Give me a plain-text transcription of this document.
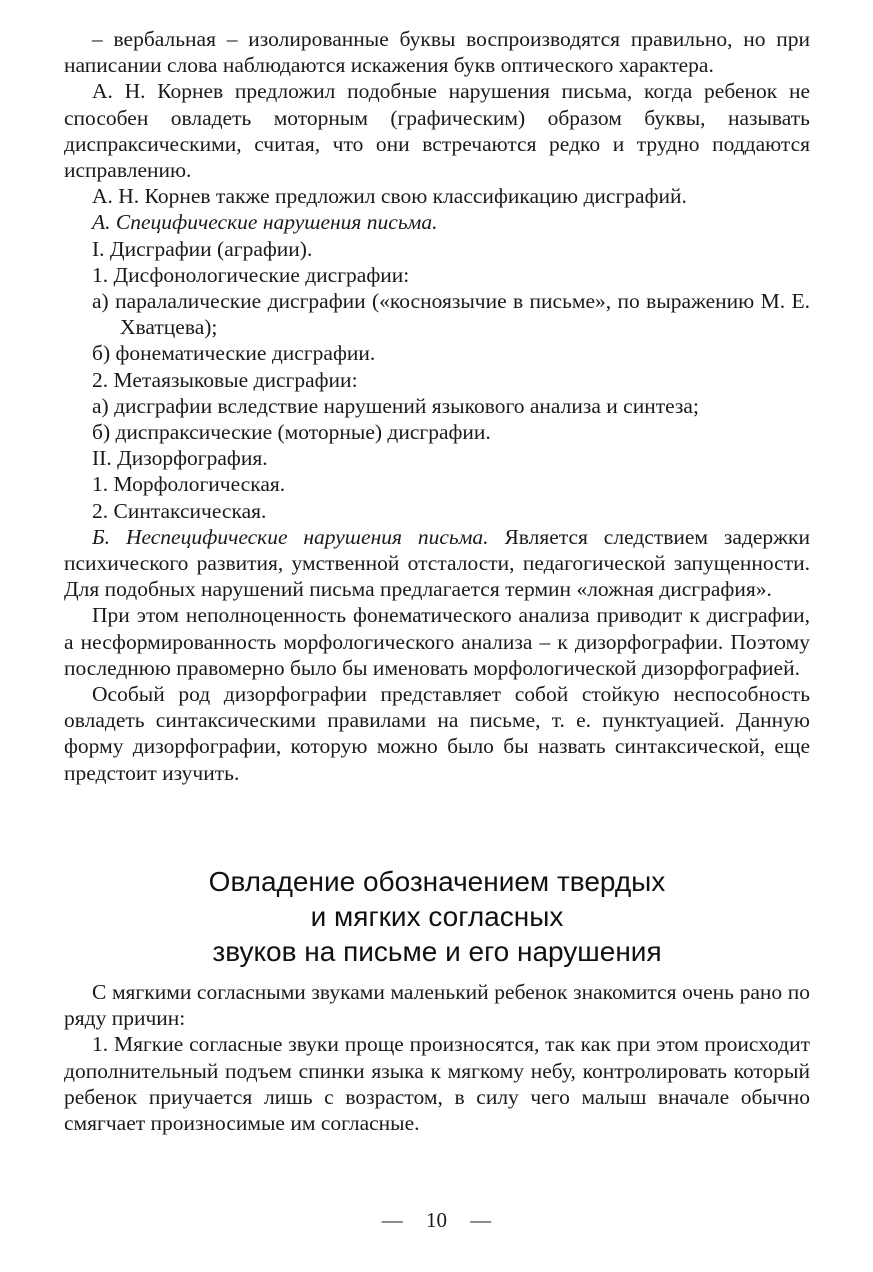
– вербальная – изолированные буквы воспроизводятся правильно, но при написании слова наблюдаются искажения букв оптического характера.

А. Н. Корнев предложил подобные нарушения письма, когда ребенок не способен овладеть моторным (графическим) образом буквы, называть диспраксическими, считая, что они встречаются редко и трудно поддаются исправлению.

А. Н. Корнев также предложил свою классификацию дисграфий.

А. Специфические нарушения письма.

I. Дисграфии (аграфии).

1. Дисфонологические дисграфии:

а) паралалические дисграфии («косноязычие в письме», по выражению М. Е. Хватцева);

б) фонематические дисграфии.

2. Метаязыковые дисграфии:

а) дисграфии вследствие нарушений языкового анализа и синтеза;

б) диспраксические (моторные) дисграфии.

II. Дизорфография.

1. Морфологическая.

2. Синтаксическая.

Б. Неспецифические нарушения письма. Является следствием задержки психического развития, умственной отсталости, педагогической запущенности. Для подобных нарушений письма предлагается термин «ложная дисграфия».

При этом неполноценность фонематического анализа приводит к дисграфии, а несформированность морфологического анализа – к дизорфографии. Поэтому последнюю правомерно было бы именовать морфологической дизорфографией.

Особый род дизорфографии представляет собой стойкую неспособность овладеть синтаксическими правилами на письме, т. е. пунктуацией. Данную форму дизорфографии, которую можно было бы назвать синтаксической, еще предстоит изучить.

Овладение обозначением твердых
и мягких согласных
звуков на письме и его нарушения

С мягкими согласными звуками маленький ребенок знакомится очень рано по ряду причин:

1. Мягкие согласные звуки проще произносятся, так как при этом происходит дополнительный подъем спинки языка к мягкому небу, контролировать который ребенок приучается лишь с возрастом, в силу чего малыш вначале обычно смягчает произносимые им согласные.

— 10 —
